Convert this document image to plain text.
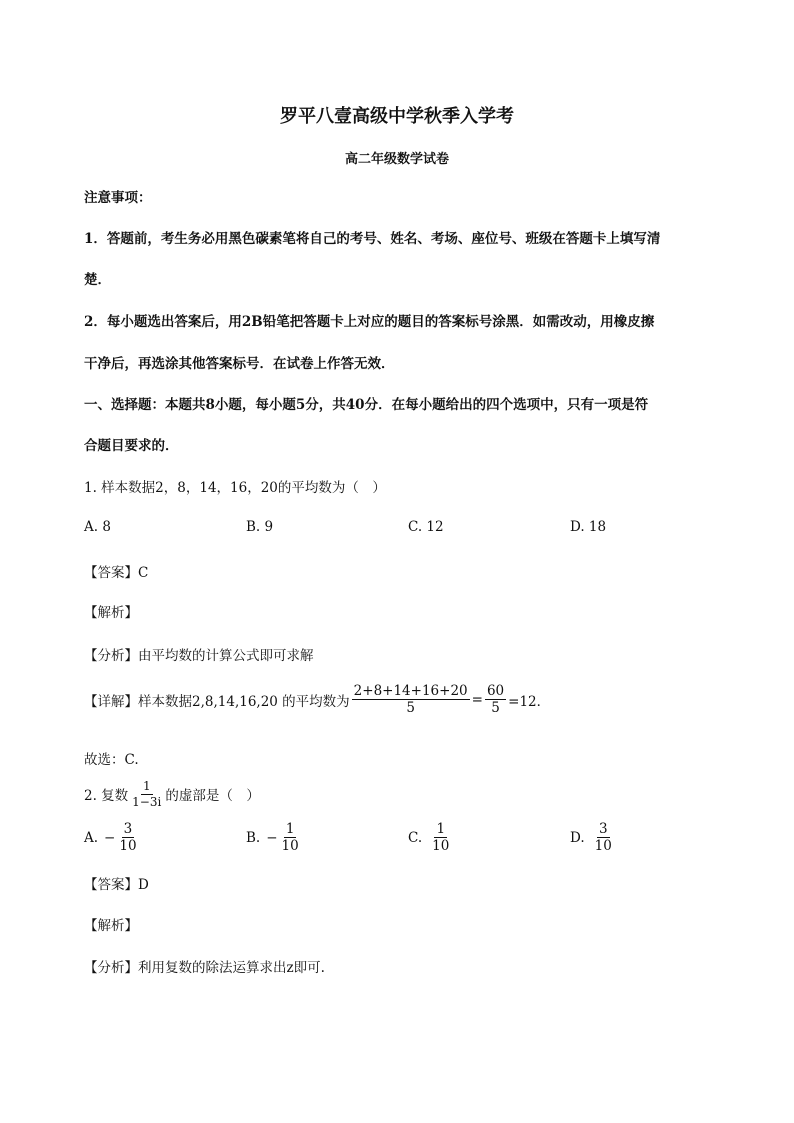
罗平八壹高级中学秋季入学考
高二年级数学试卷
注意事项：
1．答题前，考生务必用黑色碳素笔将自己的考号、姓名、考场、座位号、班级在答题卡上填写清
楚．
2．每小题选出答案后，用2B铅笔把答题卡上对应的题目的答案标号涂黑．如需改动，用橡皮擦
干净后，再选涂其他答案标号．在试卷上作答无效．
一、选择题：本题共8小题，每小题5分，共40分．在每小题给出的四个选项中，只有一项是符
合题目要求的．
1. 样本数据2，8，14，16，20的平均数为（　）
A. 8	B. 9	C. 12	D. 18
【答案】C
【解析】
【分析】由平均数的计算公式即可求解
【详解】样本数据2,8,14,16,20 的平均数为 $\frac{2+8+14+16+20}{5} = \frac{60}{5} =12$．
故选：C.
2. 复数 $\frac{1}{1-3i}$ 的虚部是（　）
A. − $\frac{3}{10}$	B. − $\frac{1}{10}$	C. $\frac{1}{10}$	D. $\frac{3}{10}$
【答案】D
【解析】
【分析】利用复数的除法运算求出z即可.
